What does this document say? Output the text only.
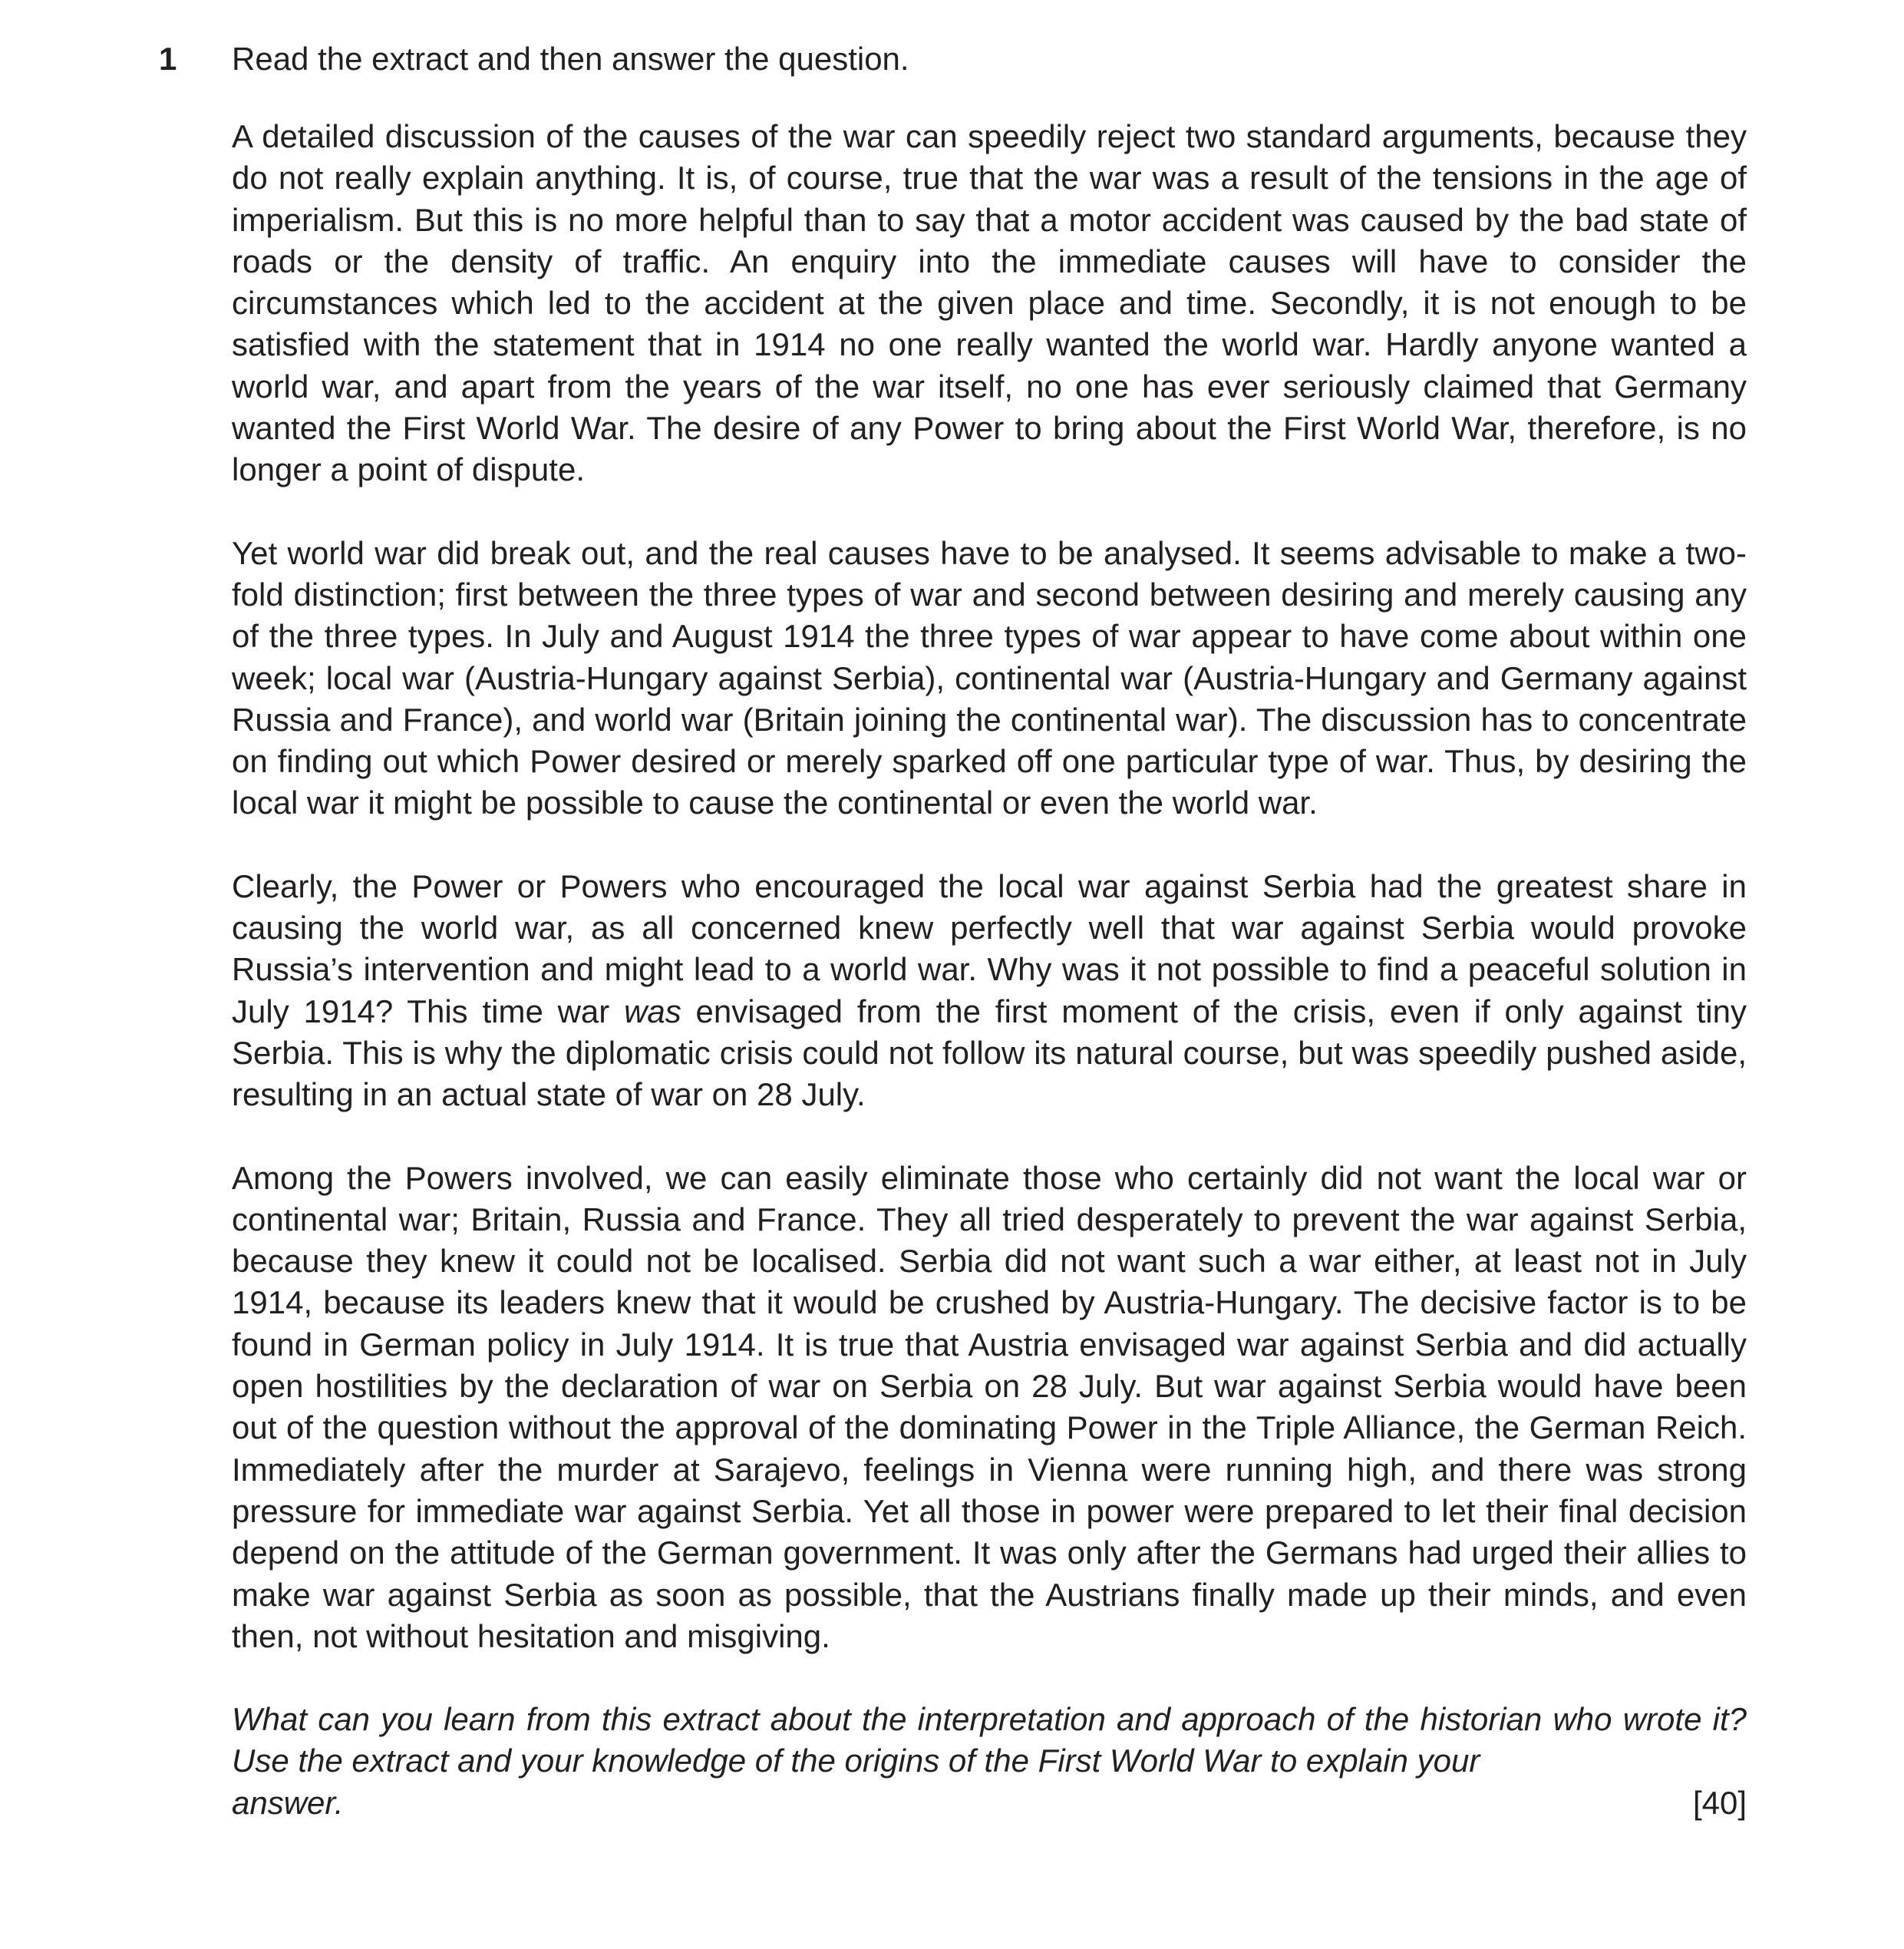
1 Read the extract and then answer the question.

A detailed discussion of the causes of the war can speedily reject two standard arguments, because they do not really explain anything. It is, of course, true that the war was a result of the tensions in the age of imperialism. But this is no more helpful than to say that a motor accident was caused by the bad state of roads or the density of traffic. An enquiry into the immediate causes will have to consider the circumstances which led to the accident at the given place and time. Secondly, it is not enough to be satisfied with the statement that in 1914 no one really wanted the world war. Hardly anyone wanted a world war, and apart from the years of the war itself, no one has ever seriously claimed that Germany wanted the First World War. The desire of any Power to bring about the First World War, therefore, is no longer a point of dispute.

Yet world war did break out, and the real causes have to be analysed. It seems advisable to make a two-fold distinction; first between the three types of war and second between desiring and merely causing any of the three types. In July and August 1914 the three types of war appear to have come about within one week; local war (Austria-Hungary against Serbia), continental war (Austria-Hungary and Germany against Russia and France), and world war (Britain joining the continental war). The discussion has to concentrate on finding out which Power desired or merely sparked off one particular type of war. Thus, by desiring the local war it might be possible to cause the continental or even the world war.

Clearly, the Power or Powers who encouraged the local war against Serbia had the greatest share in causing the world war, as all concerned knew perfectly well that war against Serbia would provoke Russia’s intervention and might lead to a world war. Why was it not possible to find a peaceful solution in July 1914? This time war was envisaged from the first moment of the crisis, even if only against tiny Serbia. This is why the diplomatic crisis could not follow its natural course, but was speedily pushed aside, resulting in an actual state of war on 28 July.

Among the Powers involved, we can easily eliminate those who certainly did not want the local war or continental war; Britain, Russia and France. They all tried desperately to prevent the war against Serbia, because they knew it could not be localised. Serbia did not want such a war either, at least not in July 1914, because its leaders knew that it would be crushed by Austria-Hungary. The decisive factor is to be found in German policy in July 1914. It is true that Austria envisaged war against Serbia and did actually open hostilities by the declaration of war on Serbia on 28 July. But war against Serbia would have been out of the question without the approval of the dominating Power in the Triple Alliance, the German Reich. Immediately after the murder at Sarajevo, feelings in Vienna were running high, and there was strong pressure for immediate war against Serbia. Yet all those in power were prepared to let their final decision depend on the attitude of the German government. It was only after the Germans had urged their allies to make war against Serbia as soon as possible, that the Austrians finally made up their minds, and even then, not without hesitation and misgiving.

What can you learn from this extract about the interpretation and approach of the historian who wrote it? Use the extract and your knowledge of the origins of the First World War to explain your
answer.	[40]
